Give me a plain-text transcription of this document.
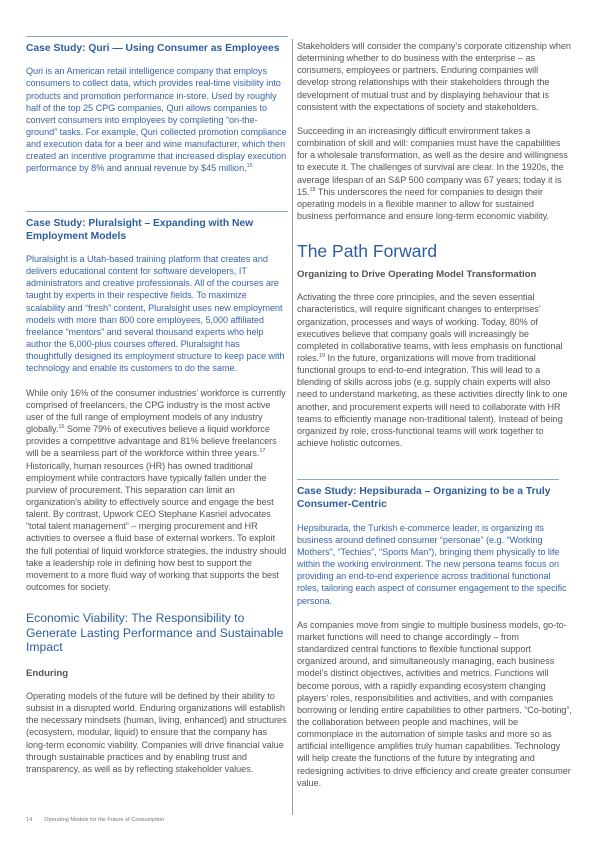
Case Study: Quri — Using Consumer as Employees

Quri is an American retail intelligence company that employs consumers to collect data, which provides real-time visibility into products and promotion performance in-store. Used by roughly half of the top 25 CPG companies, Quri allows companies to convert consumers into employees by completing “on-the-ground” tasks. For example, Quri collected promotion compliance and execution data for a beer and wine manufacturer, which then created an incentive programme that increased display execution performance by 8% and annual revenue by $45 million.$^{15}$

Case Study: Pluralsight – Expanding with New Employment Models

Pluralsight is a Utah-based training platform that creates and delivers educational content for software developers, IT administrators and creative professionals. All of the courses are taught by experts in their respective fields. To maximize scalability and “fresh” content, Pluralsight uses new employment models with more than 800 core employees, 5,000 affiliated freelance “mentors” and several thousand experts who help author the 6,000-plus courses offered. Pluralsight has thoughtfully designed its employment structure to keep pace with technology and enable its customers to do the same.

While only 16% of the consumer industries’ workforce is currently comprised of freelancers, the CPG industry is the most active user of the full range of employment models of any industry globally.$^{16}$ Some 79% of executives believe a liquid workforce provides a competitive advantage and 81% believe freelancers will be a seamless part of the workforce within three years.$^{17}$ Historically, human resources (HR) has owned traditional employment while contractors have typically fallen under the purview of procurement. This separation can limit an organization’s ability to effectively source and engage the best talent. By contrast, Upwork CEO Stephane Kasriel advocates “total talent management” – merging procurement and HR activities to oversee a fluid base of external workers. To exploit the full potential of liquid workforce strategies, the industry should take a leadership role in defining how best to support the movement to a more fluid way of working that supports the best outcomes for society.

Economic Viability: The Responsibility to Generate Lasting Performance and Sustainable Impact

Enduring

Operating models of the future will be defined by their ability to subsist in a disrupted world. Enduring organizations will establish the necessary mindsets (human, living, enhanced) and structures (ecosystem, modular, liquid) to ensure that the company has long-term economic viability. Companies will drive financial value through sustainable practices and by enabling trust and transparency, as well as by reflecting stakeholder values.

Stakeholders will consider the company’s corporate citizenship when determining whether to do business with the enterprise – as consumers, employees or partners. Enduring companies will develop strong relationships with their stakeholders through the development of mutual trust and by displaying behaviour that is consistent with the expectations of society and stakeholders.

Succeeding in an increasingly difficult environment takes a combination of skill and will: companies must have the capabilities for a wholesale transformation, as well as the desire and willingness to execute it. The challenges of survival are clear. In the 1920s, the average lifespan of an S&P 500 company was 67 years; today it is 15.18 This underscores the need for companies to design their operating models in a flexible manner to allow for sustained business performance and ensure long-term economic viability.

The Path Forward

Organizing to Drive Operating Model Transformation

Activating the three core principles, and the seven essential characteristics, will require significant changes to enterprises’ organization, processes and ways of working. Today, 80% of executives believe that company goals will increasingly be completed in collaborative teams, with less emphasis on functional roles.$^{19}$ In the future, organizations will move from traditional functional groups to end-to-end integration. This will lead to a blending of skills across jobs (e.g. supply chain experts will also need to understand marketing, as these activities directly link to one another, and procurement experts will need to collaborate with HR teams to efficiently manage non-traditional talent). Instead of being organized by role, cross-functional teams will work together to achieve holistic outcomes.

Case Study: Hepsiburada – Organizing to be a Truly Consumer-Centric

Hepsiburada, the Turkish e-commerce leader, is organizing its business around defined consumer “personae” (e.g. “Working Mothers”, “Techies”, “Sports Man”), bringing them physically to life within the working environment. The new persona teams focus on providing an end-to-end experience across traditional functional roles, tailoring each aspect of consumer engagement to the specific persona.

As companies move from single to multiple business models, go-to-market functions will need to change accordingly – from standardized central functions to flexible functional support organized around, and simultaneously managing, each business model’s distinct objectives, activities and metrics. Functions will become porous, with a rapidly expanding ecosystem changing players’ roles, responsibilities and activities, and with companies borrowing or lending entire capabilities to other partners. “Co-boting”, the collaboration between people and machines, will be commonplace in the automation of simple tasks and more so as artificial intelligence amplifies truly human capabilities. Technology will help create the functions of the future by integrating and redesigning activities to drive efficiency and create greater consumer value.

14 Operating Models for the Future of Consumption
